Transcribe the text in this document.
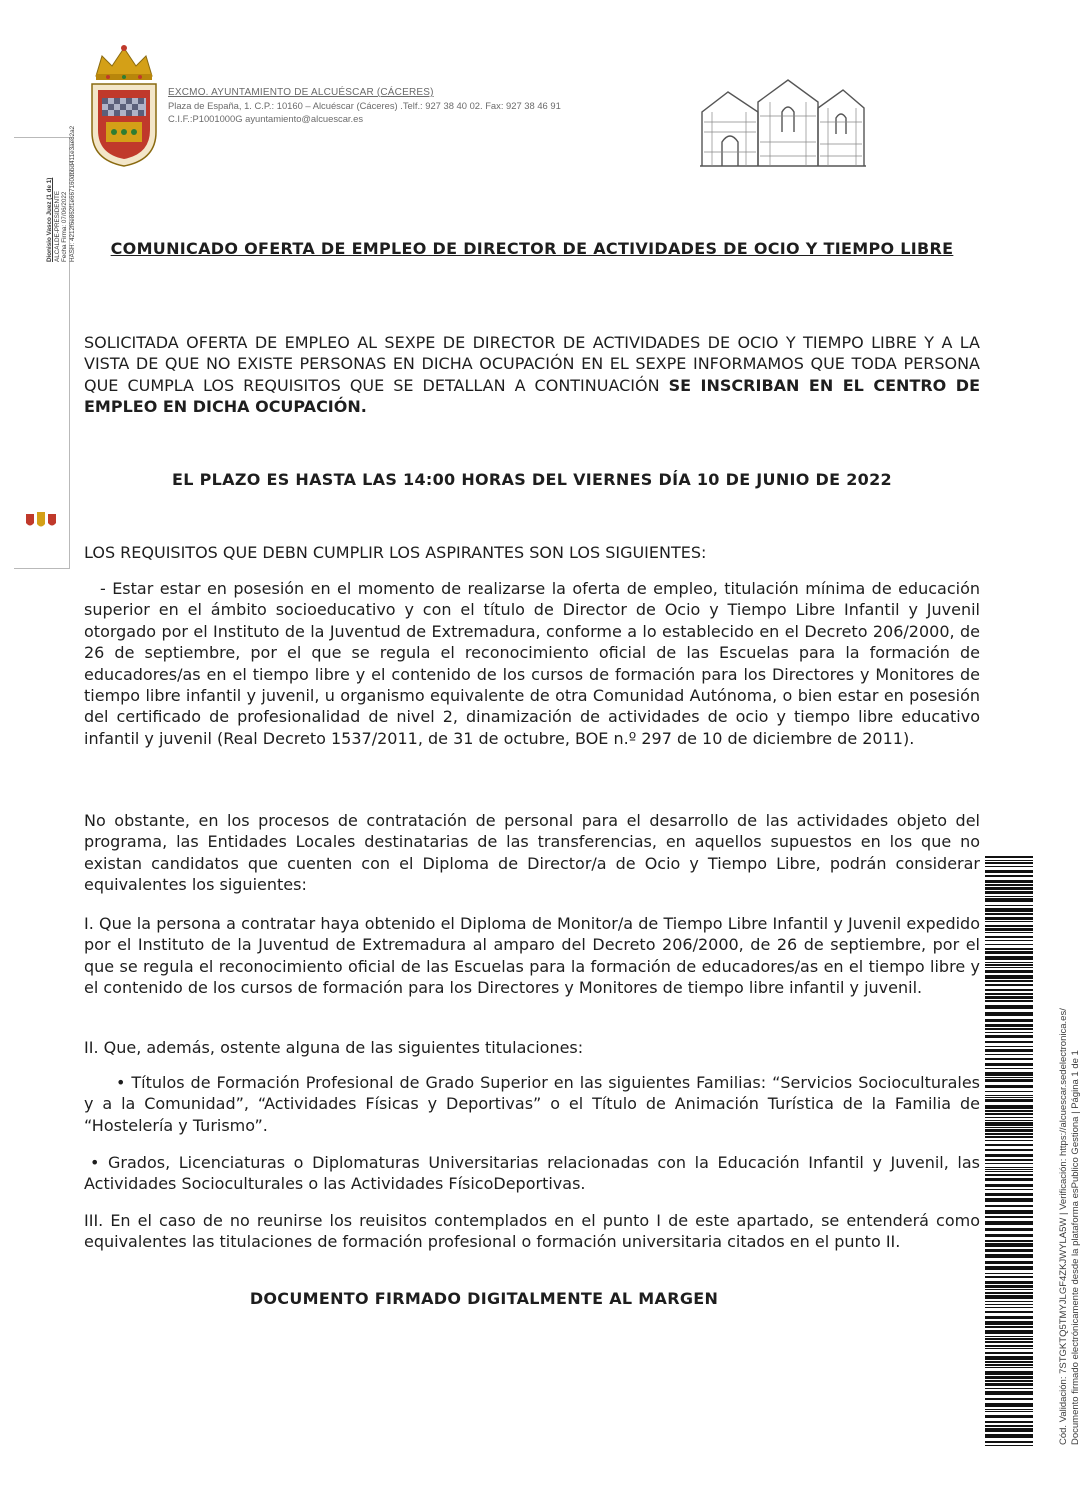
EXCMO. AYUNTAMIENTO DE ALCUÉSCAR (CÁCERES)
Plaza de España, 1. C.P.: 10160 – Alcuéscar (Cáceres) .Telf.: 927 38 40 02. Fax: 927 38 46 91
C.I.F.:P1001000G ayuntamiento@alcuescar.es
Dionisio Vasco Juez (1 de 1) ALCALDE-PRESIDENTE Fecha Firma: 07/06/2022 HASH: 4212f6e862f1e667160dbbd411e3ae82a2	COMUNICADO OFERTA DE EMPLEO DE DIRECTOR DE ACTIVIDADES DE OCIO Y TIEMPO LIBRE
SOLICITADA OFERTA DE EMPLEO AL SEXPE DE DIRECTOR DE ACTIVIDADES DE OCIO Y TIEMPO LIBRE Y A LA VISTA DE QUE NO EXISTE PERSONAS EN DICHA OCUPACIÓN EN EL SEXPE INFORMAMOS QUE TODA PERSONA QUE CUMPLA LOS REQUISITOS QUE SE DETALLAN A CONTINUACIÓN SE INSCRIBAN EN EL CENTRO DE EMPLEO EN DICHA OCUPACIÓN.
EL PLAZO ES HASTA LAS 14:00 HORAS DEL VIERNES DÍA 10 DE JUNIO DE 2022
LOS REQUISITOS QUE DEBN CUMPLIR LOS ASPIRANTES SON LOS SIGUIENTES:
- Estar estar en posesión en el momento de realizarse la oferta de empleo, titulación mínima de educación superior en el ámbito socioeducativo y con el título de Director de Ocio y Tiempo Libre Infantil y Juvenil otorgado por el Instituto de la Juventud de Extremadura, conforme a lo establecido en el Decreto 206/2000, de 26 de septiembre, por el que se regula el reconocimiento oficial de las Escuelas para la formación de educadores/as en el tiempo libre y el contenido de los cursos de formación para los Directores y Monitores de tiempo libre infantil y juvenil, u organismo equivalente de otra Comunidad Autónoma, o bien estar en posesión del certificado de profesionalidad de nivel 2, dinamización de actividades de ocio y tiempo libre educativo infantil y juvenil (Real Decreto 1537/2011, de 31 de octubre, BOE n.º 297 de 10 de diciembre de 2011).
No obstante, en los procesos de contratación de personal para el desarrollo de las actividades objeto del programa, las Entidades Locales destinatarias de las transferencias, en aquellos supuestos en los que no existan candidatos que cuenten con el Diploma de Director/a de Ocio y Tiempo Libre, podrán considerar equivalentes los siguientes:
I. Que la persona a contratar haya obtenido el Diploma de Monitor/a de Tiempo Libre Infantil y Juvenil expedido por el Instituto de la Juventud de Extremadura al amparo del Decreto 206/2000, de 26 de septiembre, por el que se regula el reconocimiento oficial de las Escuelas para la formación de educadores/as en el tiempo libre y el contenido de los cursos de formación para los Directores y Monitores de tiempo libre infantil y juvenil.
II. Que, además, ostente alguna de las siguientes titulaciones:
• Títulos de Formación Profesional de Grado Superior en las siguientes Familias: “Servicios Socioculturales y a la Comunidad”, “Actividades Físicas y Deportivas” o el Título de Animación Turística de la Familia de “Hostelería y Turismo”.
• Grados, Licenciaturas o Diplomaturas Universitarias relacionadas con la Educación Infantil y Juvenil, las Actividades Socioculturales o las Actividades FísicoDeportivas.
III. En el caso de no reunirse los reuisitos contemplados en el punto I de este apartado, se entenderá como equivalentes las titulaciones de formación profesional o formación universitaria citados en el punto II.
DOCUMENTO FIRMADO DIGITALMENTE AL MARGEN	Cód. Validación: 7STGKTQ5TMYJLGF4ZKJWYLA5W | Verificación: https://alcuescar.sedelectronica.es/ Documento firmado electrónicamente desde la plataforma esPublico Gestiona | Página 1 de 1
